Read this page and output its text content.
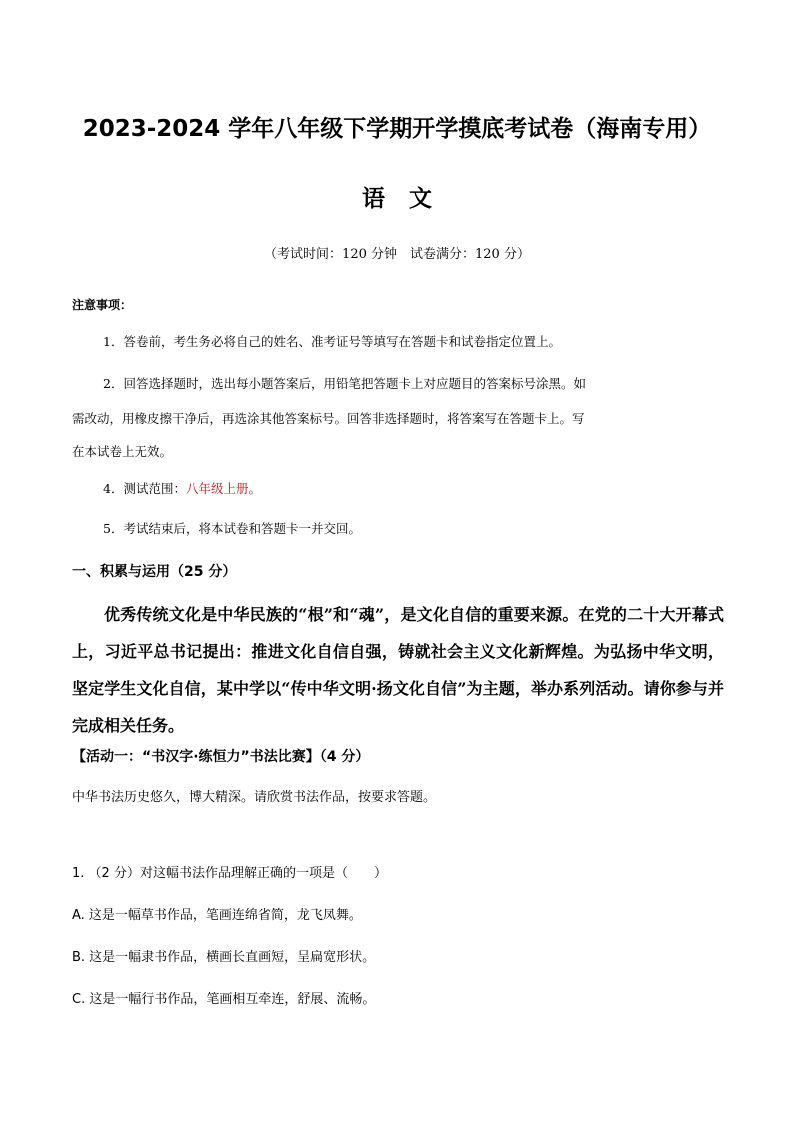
2023-2024 学年八年级下学期开学摸底考试卷（海南专用）
语文
（考试时间：120 分钟　试卷满分：120 分）
注意事项：
1．答卷前，考生务必将自己的姓名、准考证号等填写在答题卡和试卷指定位置上。
2．回答选择题时，选出每小题答案后，用铅笔把答题卡上对应题目的答案标号涂黑。如
需改动，用橡皮擦干净后，再选涂其他答案标号。回答非选择题时，将答案写在答题卡上。写
在本试卷上无效。
4．测试范围：八年级上册。
5．考试结束后，将本试卷和答题卡一并交回。
一、积累与运用（25 分）
优秀传统文化是中华民族的“根”和“魂”，是文化自信的重要来源。在党的二十大开幕式上，习近平总书记提出：推进文化自信自强，铸就社会主义文化新辉煌。为弘扬中华文明，坚定学生文化自信，某中学以“传中华文明·扬文化自信”为主题，举办系列活动。请你参与并完成相关任务。
【活动一：“书汉字·练恒力”书法比赛】（4 分）
中华书法历史悠久，博大精深。请欣赏书法作品，按要求答题。
1. （2 分）对这幅书法作品理解正确的一项是（　　）
A. 这是一幅草书作品，笔画连绵省简，龙飞凤舞。
B. 这是一幅隶书作品，横画长直画短，呈扁宽形状。
C. 这是一幅行书作品，笔画相互牵连，舒展、流畅。
